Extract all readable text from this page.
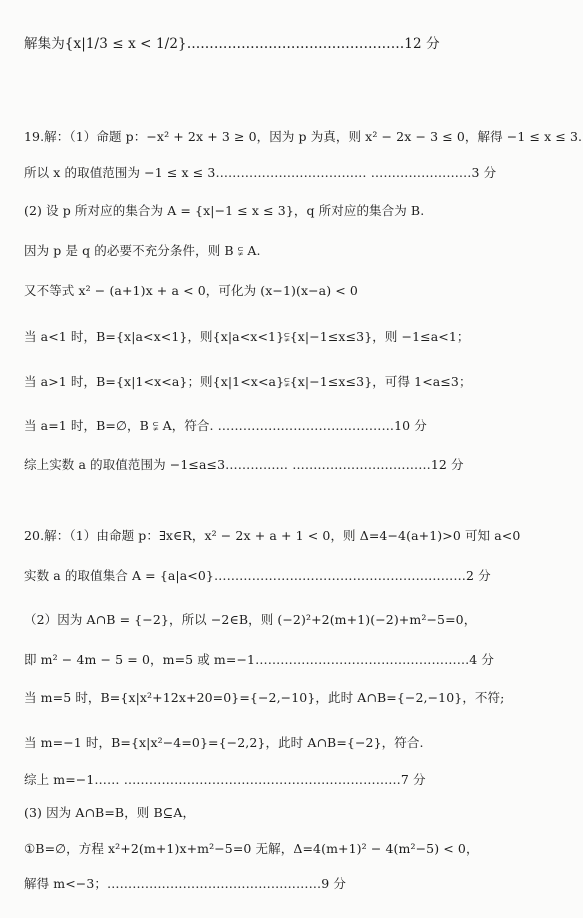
解集为{x|1/3 ≤ x < 1/2}…………………………………………12 分
19.解：（1）命题 p：−x² + 2x + 3 ≥ 0，因为 p 为真，则 x² − 2x − 3 ≤ 0，解得 −1 ≤ x ≤ 3.
所以 x 的取值范围为 −1 ≤ x ≤ 3……………………………… ……………………3 分
(2) 设 p 所对应的集合为 A = {x|−1 ≤ x ≤ 3}，q 所对应的集合为 B.
因为 p 是 q 的必要不充分条件，则 B ⫋ A.
又不等式 x² − (a+1)x + a < 0，可化为 (x−1)(x−a) < 0
当 a<1 时，B={x|a<x<1}，则{x|a<x<1}⫋{x|−1≤x≤3}，则 −1≤a<1；
当 a>1 时，B={x|1<x<a}；则{x|1<x<a}⫋{x|−1≤x≤3}，可得 1<a≤3；
当 a=1 时，B=∅，B ⫋ A，符合. ……………………………………10 分
综上实数 a 的取值范围为 −1≤a≤3…………… ……………………………12 分
20.解：（1）由命题 p：∃x∈R，x² − 2x + a + 1 < 0，则 Δ=4−4(a+1)>0 可知 a<0
实数 a 的取值集合 A = {a|a<0}……………………………………………………2 分
（2）因为 A∩B = {−2}，所以 −2∈B，则 (−2)²+2(m+1)(−2)+m²−5=0，
即 m² − 4m − 5 = 0，m=5 或 m=−1……………………………………………4 分
当 m=5 时，B={x|x²+12x+20=0}={−2,−10}，此时 A∩B={−2,−10}，不符;
当 m=−1 时，B={x|x²−4=0}={−2,2}，此时 A∩B={−2}，符合.
综上 m=−1…… …………………………………………………………7 分
(3) 因为 A∩B=B，则 B⊆A，
①B=∅，方程 x²+2(m+1)x+m²−5=0 无解，Δ=4(m+1)² − 4(m²−5) < 0，
解得 m<−3；……………………………………………9 分
